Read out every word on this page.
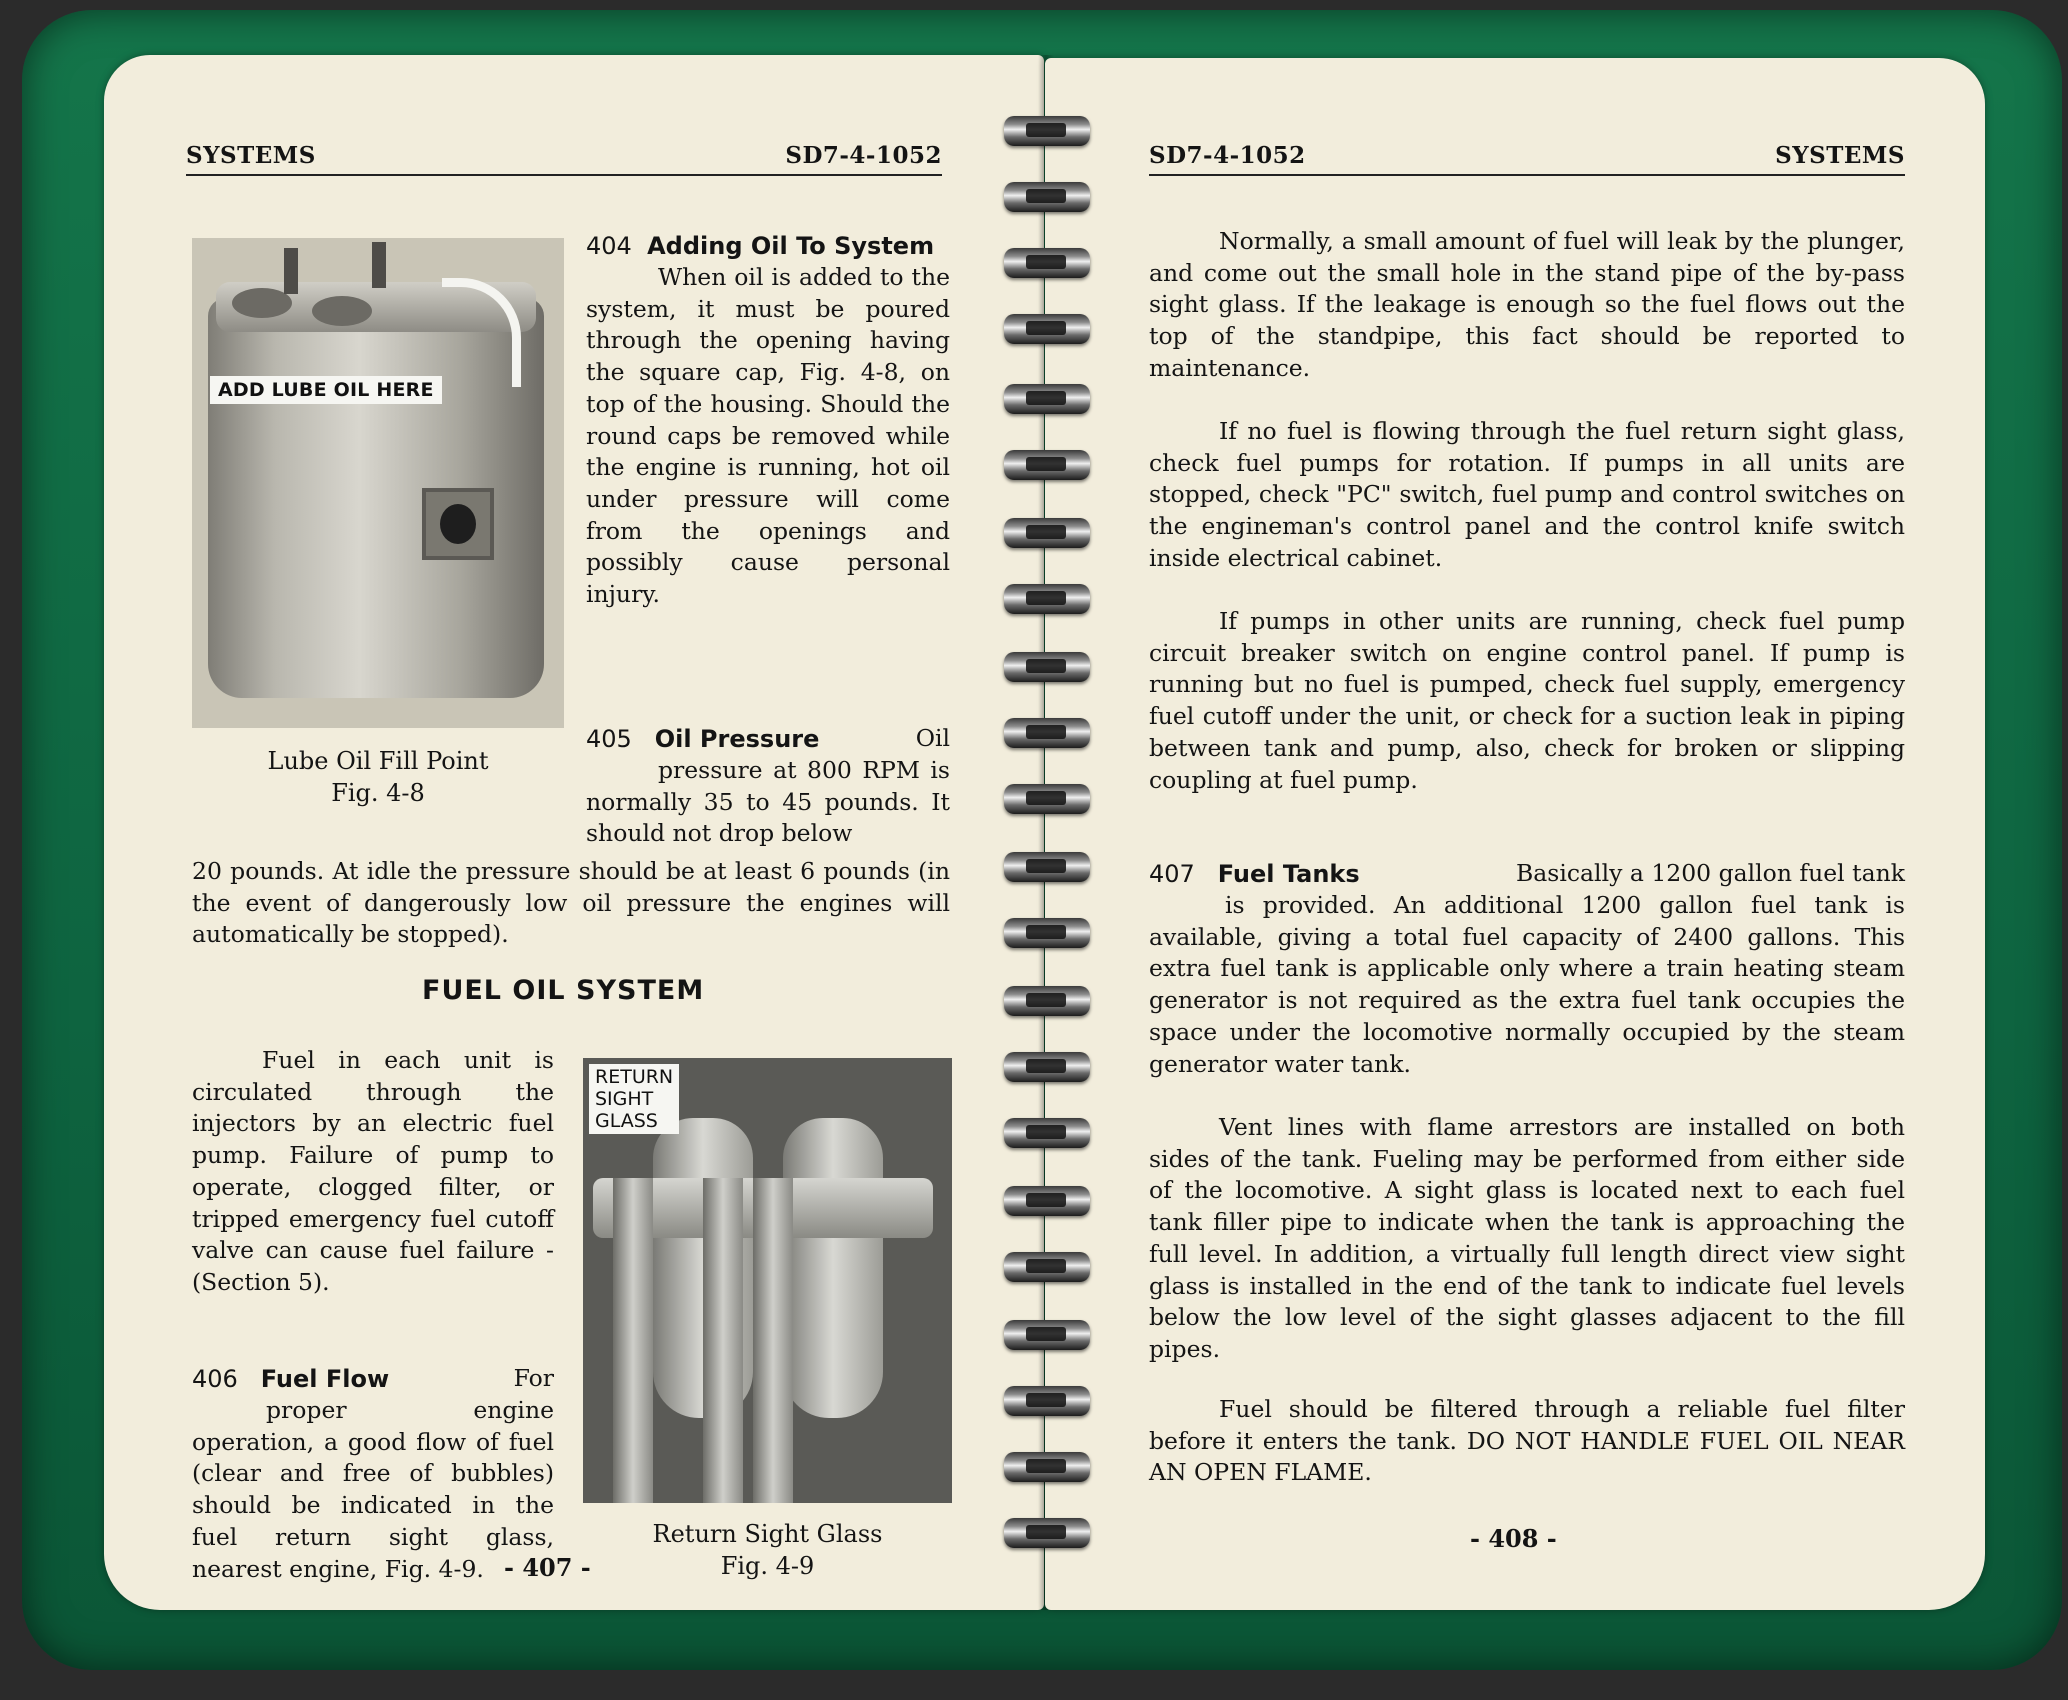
SYSTEMS	SD7-4-1052
ADD LUBE OIL HERE
Lube Oil Fill Point
Fig. 4-8
404 Adding Oil To System

When oil is added to the system, it must be poured through the opening having the square cap, Fig. 4-8, on top of the housing. Should the round caps be removed while the engine is running, hot oil under pressure will come from the openings and possibly cause personal injury.

405 Oil Pressure	Oil

pressure at 800 RPM is normally 35 to 45 pounds. It should not drop below

20 pounds. At idle the pressure should be at least 6 pounds (in the event of dangerously low oil pressure the engines will automatically be stopped).

FUEL OIL SYSTEM

Fuel in each unit is circulated through the injectors by an electric fuel pump. Failure of pump to operate, clogged filter, or tripped emergency fuel cutoff valve can cause fuel failure - (Section 5).

406 Fuel Flow	For

proper engine operation, a good flow of fuel (clear and free of bubbles) should be indicated in the fuel return sight glass, nearest engine, Fig. 4-9.

RETURN
SIGHT
GLASS
Return Sight Glass
Fig. 4-9
- 407 -
SD7-4-1052	SYSTEMS

Normally, a small amount of fuel will leak by the plunger, and come out the small hole in the stand pipe of the by-pass sight glass. If the leakage is enough so the fuel flows out the top of the standpipe, this fact should be reported to maintenance.

If no fuel is flowing through the fuel return sight glass, check fuel pumps for rotation. If pumps in all units are stopped, check "PC" switch, fuel pump and control switches on the engineman's control panel and the control knife switch inside electrical cabinet.

If pumps in other units are running, check fuel pump circuit breaker switch on engine control panel. If pump is running but no fuel is pumped, check fuel supply, emergency fuel cutoff under the unit, or check for a suction leak in piping between tank and pump, also, check for broken or slipping coupling at fuel pump.

407 Fuel Tanks	Basically a 1200 gallon fuel tank

is provided. An additional 1200 gallon fuel tank is available, giving a total fuel capacity of 2400 gallons. This extra fuel tank is applicable only where a train heating steam generator is not required as the extra fuel tank occupies the space under the locomotive normally occupied by the steam generator water tank.

Vent lines with flame arrestors are installed on both sides of the tank. Fueling may be performed from either side of the locomotive. A sight glass is located next to each fuel tank filler pipe to indicate when the tank is approaching the full level. In addition, a virtually full length direct view sight glass is installed in the end of the tank to indicate fuel levels below the low level of the sight glasses adjacent to the fill pipes.

Fuel should be filtered through a reliable fuel filter before it enters the tank. DO NOT HANDLE FUEL OIL NEAR AN OPEN FLAME.

- 408 -
